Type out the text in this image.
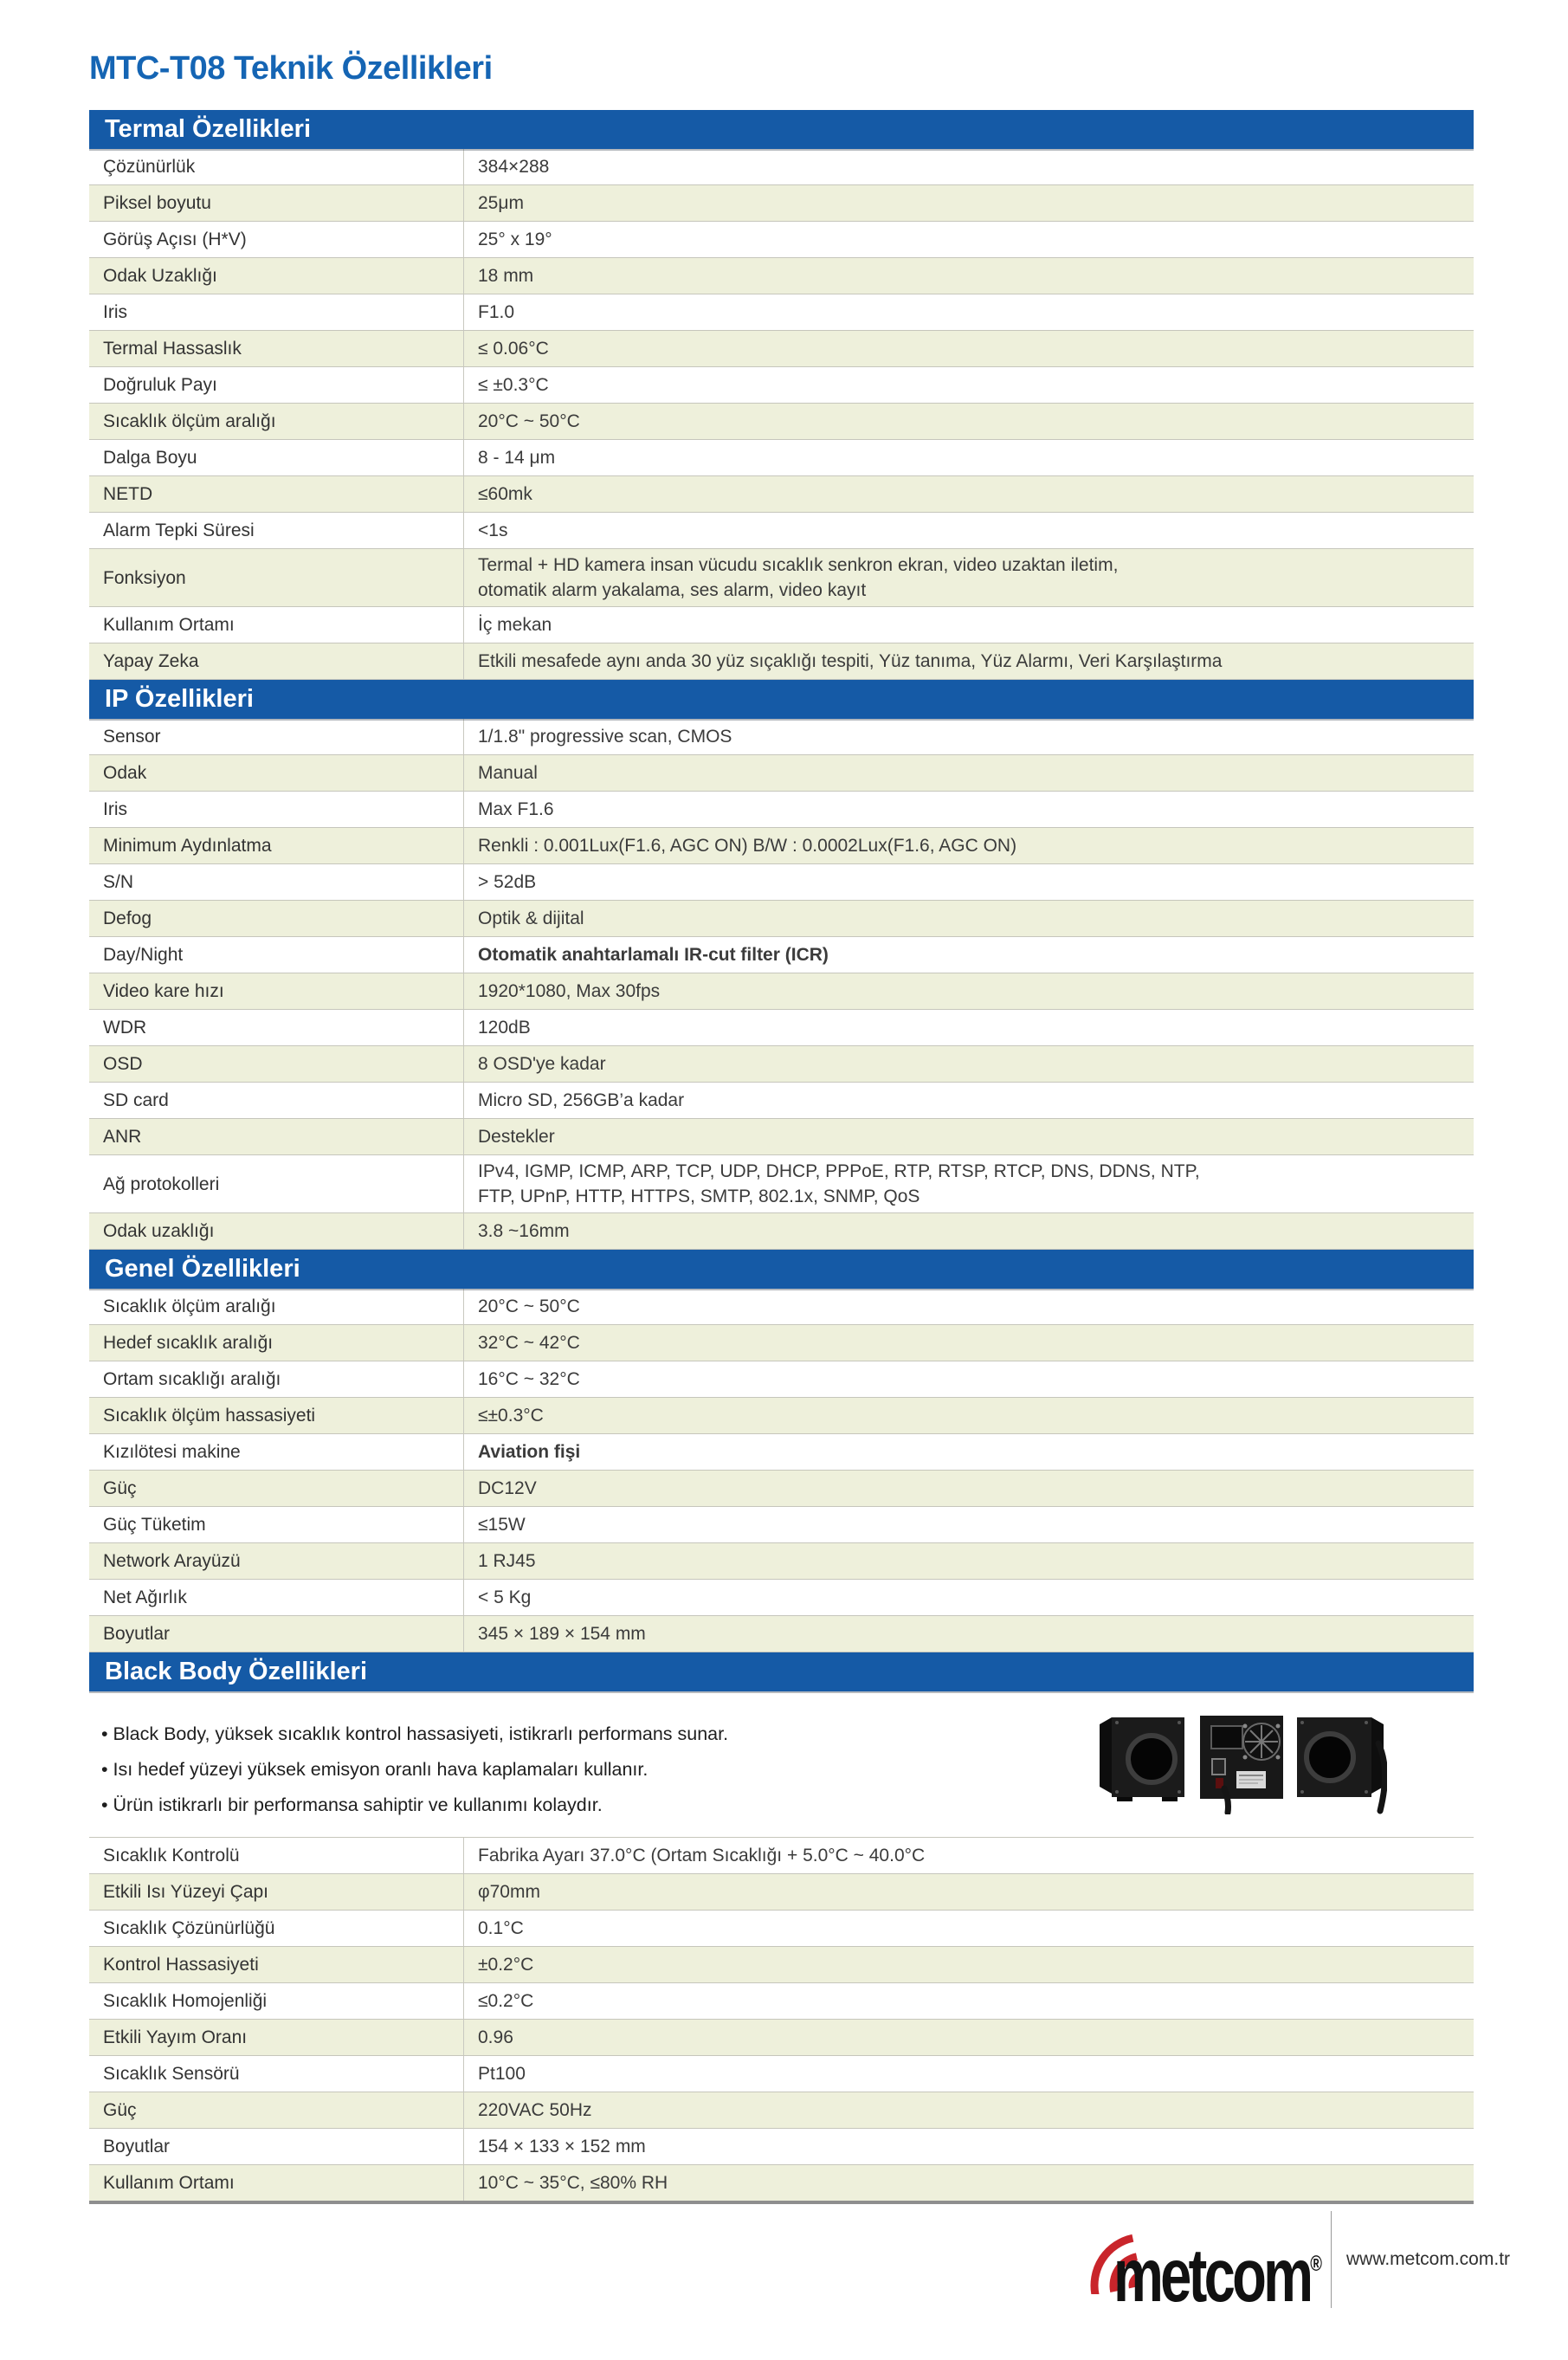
MTC-T08 Teknik Özellikleri
Termal Özellikleri
Çözünürlük	384×288
Piksel boyutu	25μm
Görüş Açısı (H*V)	25° x 19°
Odak Uzaklığı	18 mm
Iris	F1.0
Termal Hassaslık	≤ 0.06°C
Doğruluk Payı	≤ ±0.3°C
Sıcaklık ölçüm aralığı	20°C ~ 50°C
Dalga Boyu	8 - 14 μm
NETD	≤60mk
Alarm Tepki Süresi	<1s
Fonksiyon	Termal + HD kamera insan vücudu sıcaklık senkron ekran, video uzaktan iletim,
otomatik alarm yakalama, ses alarm, video kayıt
Kullanım Ortamı	İç mekan
Yapay Zeka	Etkili mesafede aynı anda 30 yüz sıçaklığı tespiti, Yüz tanıma, Yüz Alarmı, Veri Karşılaştırma
IP Özellikleri
Sensor	1/1.8" progressive scan, CMOS
Odak	Manual
Iris	Max F1.6
Minimum Aydınlatma	Renkli : 0.001Lux(F1.6, AGC ON) B/W : 0.0002Lux(F1.6, AGC ON)
S/N	> 52dB
Defog	Optik & dijital
Day/Night	Otomatik anahtarlamalı IR-cut filter (ICR)
Video kare hızı	1920*1080, Max 30fps
WDR	120dB
OSD	8 OSD'ye kadar
SD card	Micro SD, 256GB’a kadar
ANR	Destekler
Ağ protokolleri	IPv4, IGMP, ICMP, ARP, TCP, UDP, DHCP, PPPoE, RTP, RTSP, RTCP, DNS, DDNS, NTP,
FTP, UPnP, HTTP, HTTPS, SMTP, 802.1x, SNMP, QoS
Odak uzaklığı	3.8 ~16mm
Genel Özellikleri
Sıcaklık ölçüm aralığı	20°C ~ 50°C
Hedef sıcaklık aralığı	32°C ~ 42°C
Ortam sıcaklığı aralığı	16°C ~ 32°C
Sıcaklık ölçüm hassasiyeti	≤±0.3°C
Kızılötesi makine	Aviation fişi
Güç	DC12V
Güç Tüketim	≤15W
Network Arayüzü	1 RJ45
Net Ağırlık	< 5 Kg
Boyutlar	345 × 189 × 154 mm
Black Body Özellikleri
• Black Body, yüksek sıcaklık kontrol hassasiyeti, istikrarlı performans sunar.
• Isı hedef yüzeyi yüksek emisyon oranlı hava kaplamaları kullanır.
• Ürün istikrarlı bir performansa sahiptir ve kullanımı kolaydır.
Sıcaklık Kontrolü	Fabrika Ayarı 37.0°C (Ortam Sıcaklığı + 5.0°C ~ 40.0°C
Etkili Isı Yüzeyi Çapı	φ70mm
Sıcaklık Çözünürlüğü	0.1°C
Kontrol Hassasiyeti	±0.2°C
Sıcaklık Homojenliği	≤0.2°C
Etkili Yayım Oranı	0.96
Sıcaklık Sensörü	Pt100
Güç	220VAC 50Hz
Boyutlar	154 × 133 × 152 mm
Kullanım Ortamı	10°C ~ 35°C, ≤80% RH
metcom® www.metcom.com.tr
